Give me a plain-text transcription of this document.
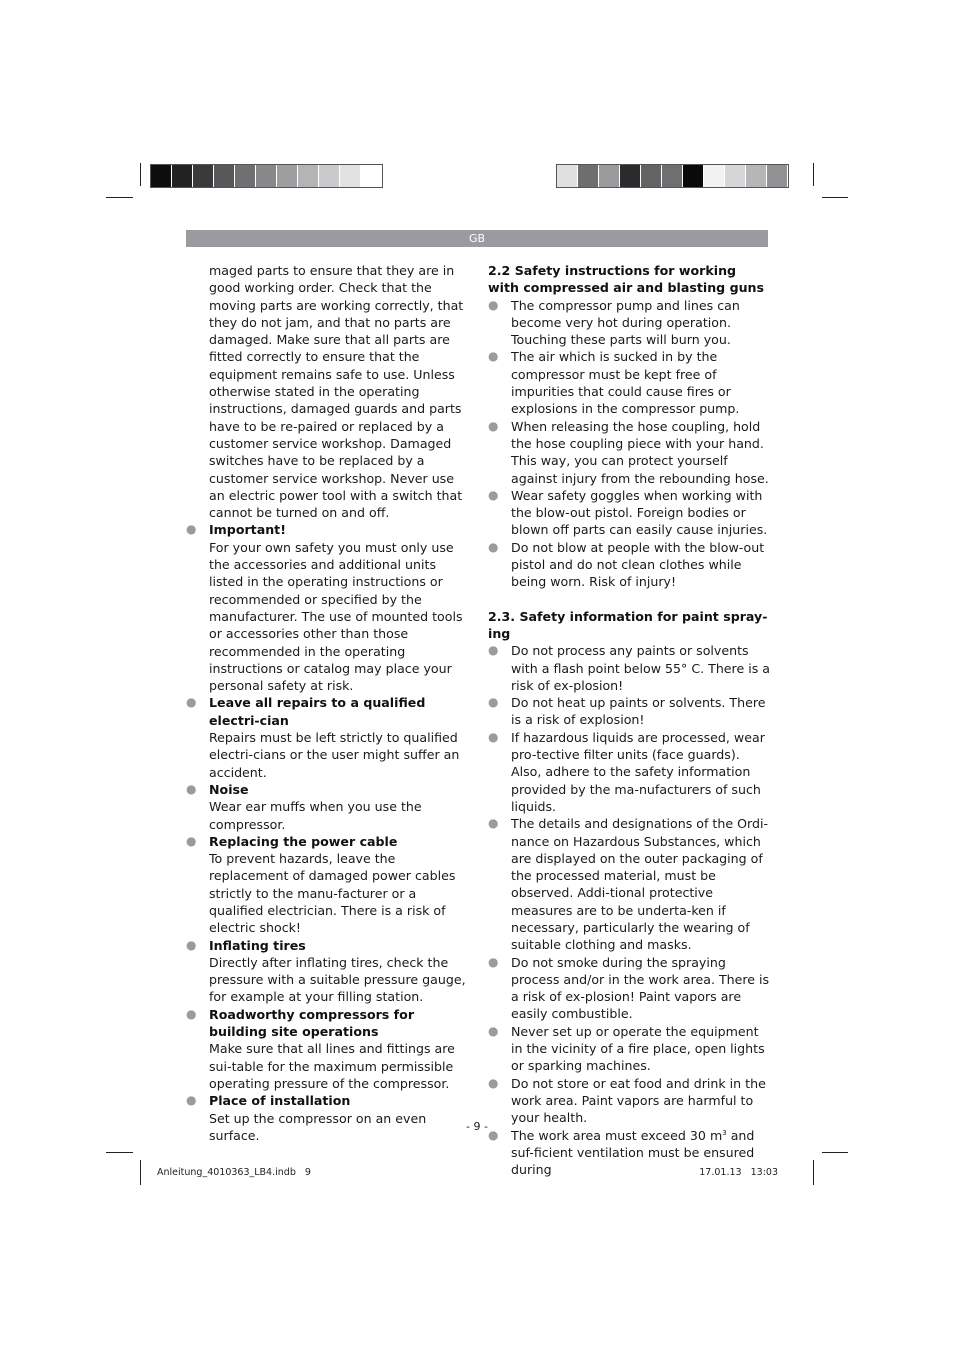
GB

maged parts to ensure that they are in good working order. Check that the moving parts are working correctly, that they do not jam, and that no parts are damaged. Make sure that all parts are fitted correctly to ensure that the equipment remains safe to use. Unless otherwise stated in the operating instructions, damaged guards and parts have to be re-paired or replaced by a customer service workshop. Damaged switches have to be replaced by a customer service workshop. Never use an electric power tool with a switch that cannot be turned on and off.

● Important!
For your own safety you must only use the accessories and additional units listed in the operating instructions or recommended or specified by the manufacturer. The use of mounted tools or accessories other than those recommended in the operating instructions or catalog may place your personal safety at risk.
● Leave all repairs to a qualified electri-cian
Repairs must be left strictly to qualified electri-cians or the user might suffer an accident.
● Noise
Wear ear muffs when you use the compressor.
● Replacing the power cable
To prevent hazards, leave the replacement of damaged power cables strictly to the manu-facturer or a qualified electrician. There is a risk of electric shock!
● Inflating tires
Directly after inflating tires, check the pressure with a suitable pressure gauge, for example at your filling station.
● Roadworthy compressors for building site operations
Make sure that all lines and fittings are sui-table for the maximum permissible operating pressure of the compressor.
● Place of installation
Set up the compressor on an even surface.
2.2 Safety instructions for working with compressed air and blasting guns
● The compressor pump and lines can become very hot during operation. Touching these parts will burn you.
● The air which is sucked in by the compressor must be kept free of impurities that could cause fires or explosions in the compressor pump.
● When releasing the hose coupling, hold the hose coupling piece with your hand. This way, you can protect yourself against injury from the rebounding hose.
● Wear safety goggles when working with the blow-out pistol. Foreign bodies or blown off parts can easily cause injuries.
● Do not blow at people with the blow-out pistol and do not clean clothes while being worn. Risk of injury!
2.3. Safety information for paint spray-ing
● Do not process any paints or solvents with a flash point below 55° C. There is a risk of ex-plosion!
● Do not heat up paints or solvents. There is a risk of explosion!
● If hazardous liquids are processed, wear pro-tective filter units (face guards). Also, adhere to the safety information provided by the ma-nufacturers of such liquids.
● The details and designations of the Ordi-nance on Hazardous Substances, which are displayed on the outer packaging of the processed material, must be observed. Addi-tional protective measures are to be underta-ken if necessary, particularly the wearing of suitable clothing and masks.
● Do not smoke during the spraying process and/or in the work area. There is a risk of ex-plosion! Paint vapors are easily combustible.
● Never set up or operate the equipment in the vicinity of a fire place, open lights or sparking machines.
● Do not store or eat food and drink in the work area. Paint vapors are harmful to your health.
● The work area must exceed 30 $m^3$ and suf-ficient ventilation must be ensured during
- 9 -
Anleitung_4010363_LB4.indb   9	17.01.13   13:03
